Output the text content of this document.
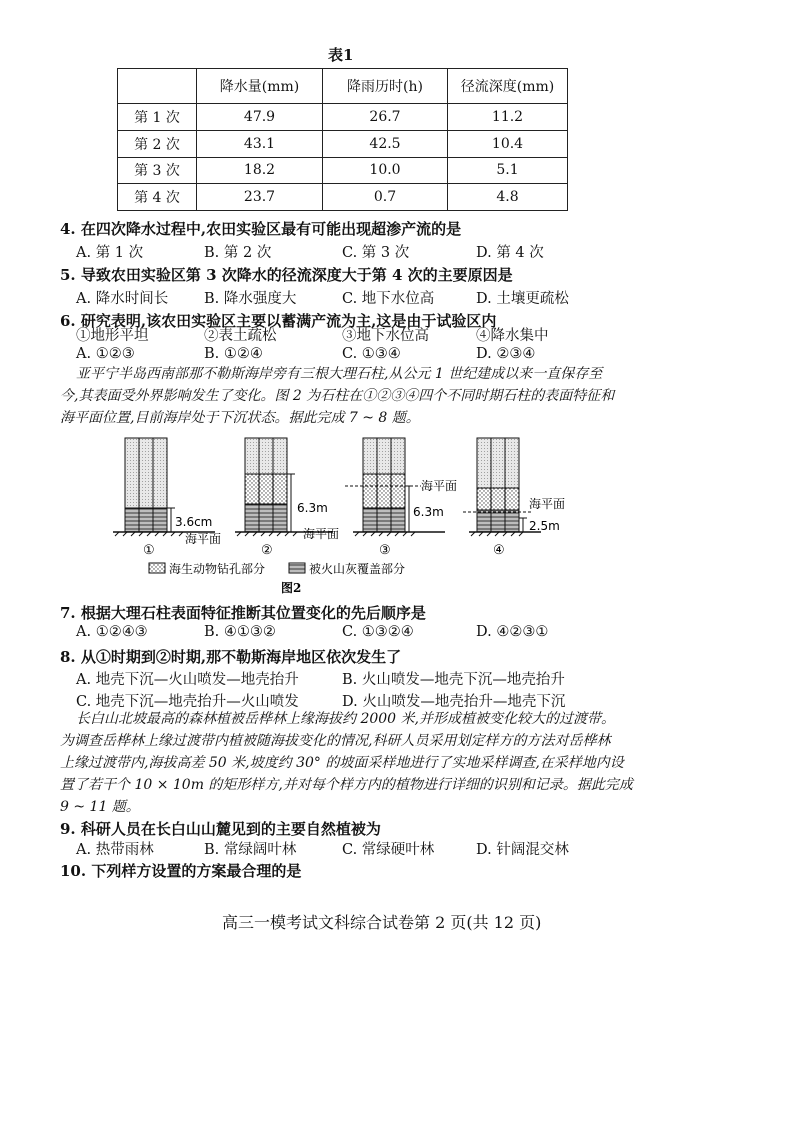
表1
	降水量(mm)	降雨历时(h)	径流深度(mm)
第 1 次	47.9	26.7	11.2
第 2 次	43.1	42.5	10.4
第 3 次	18.2	10.0	5.1
第 4 次	23.7	0.7	4.8
4. 在四次降水过程中,农田实验区最有可能出现超渗产流的是
A. 第 1 次	B. 第 2 次	C. 第 3 次	D. 第 4 次
5. 导致农田实验区第 3 次降水的径流深度大于第 4 次的主要原因是
A. 降水时间长 B. 降水强度大	C. 地下水位高	D. 土壤更疏松
6. 研究表明,该农田实验区主要以蓄满产流为主,这是由于试验区内
①地形平坦	②表土疏松	③地下水位高	④降水集中
A. ①②③	B. ①②④	C. ①③④	D. ②③④
亚平宁半岛西南部那不勒斯海岸旁有三根大理石柱,从公元 1 世纪建成以来一直保存至
今,其表面受外界影响发生了变化。图 2 为石柱在①②③④四个不同时期石柱的表面特征和
海平面位置,目前海岸处于下沉状态。据此完成 7 ~ 8 题。
3.6cm
海平面
6.3m
海平面
海平面
6.3m
海平面
2.5m
①	②	③	④
海生动物钻孔部分	被火山灰覆盖部分
图2
7. 根据大理石柱表面特征推断其位置变化的先后顺序是
A. ①②④③	B. ④①③②	C. ①③②④	D. ④②③①
8. 从①时期到②时期,那不勒斯海岸地区依次发生了
A. 地壳下沉—火山喷发—地壳抬升	B. 火山喷发—地壳下沉—地壳抬升
C. 地壳下沉—地壳抬升—火山喷发	D. 火山喷发—地壳抬升—地壳下沉
长白山北坡最高的森林植被岳桦林上缘海拔约 2000 米,并形成植被变化较大的过渡带。
为调查岳桦林上缘过渡带内植被随海拔变化的情况,科研人员采用划定样方的方法对岳桦林
上缘过渡带内,海拔高差 50 米,坡度约 30° 的坡面采样地进行了实地采样调查,在采样地内设
置了若干个 10 × 10m 的矩形样方,并对每个样方内的植物进行详细的识别和记录。据此完成
9 ~ 11 题。
9. 科研人员在长白山山麓见到的主要自然植被为
A. 热带雨林	B. 常绿阔叶林	C. 常绿硬叶林	D. 针阔混交林
10. 下列样方设置的方案最合理的是
高三一模考试文科综合试卷第 2 页(共 12 页)
